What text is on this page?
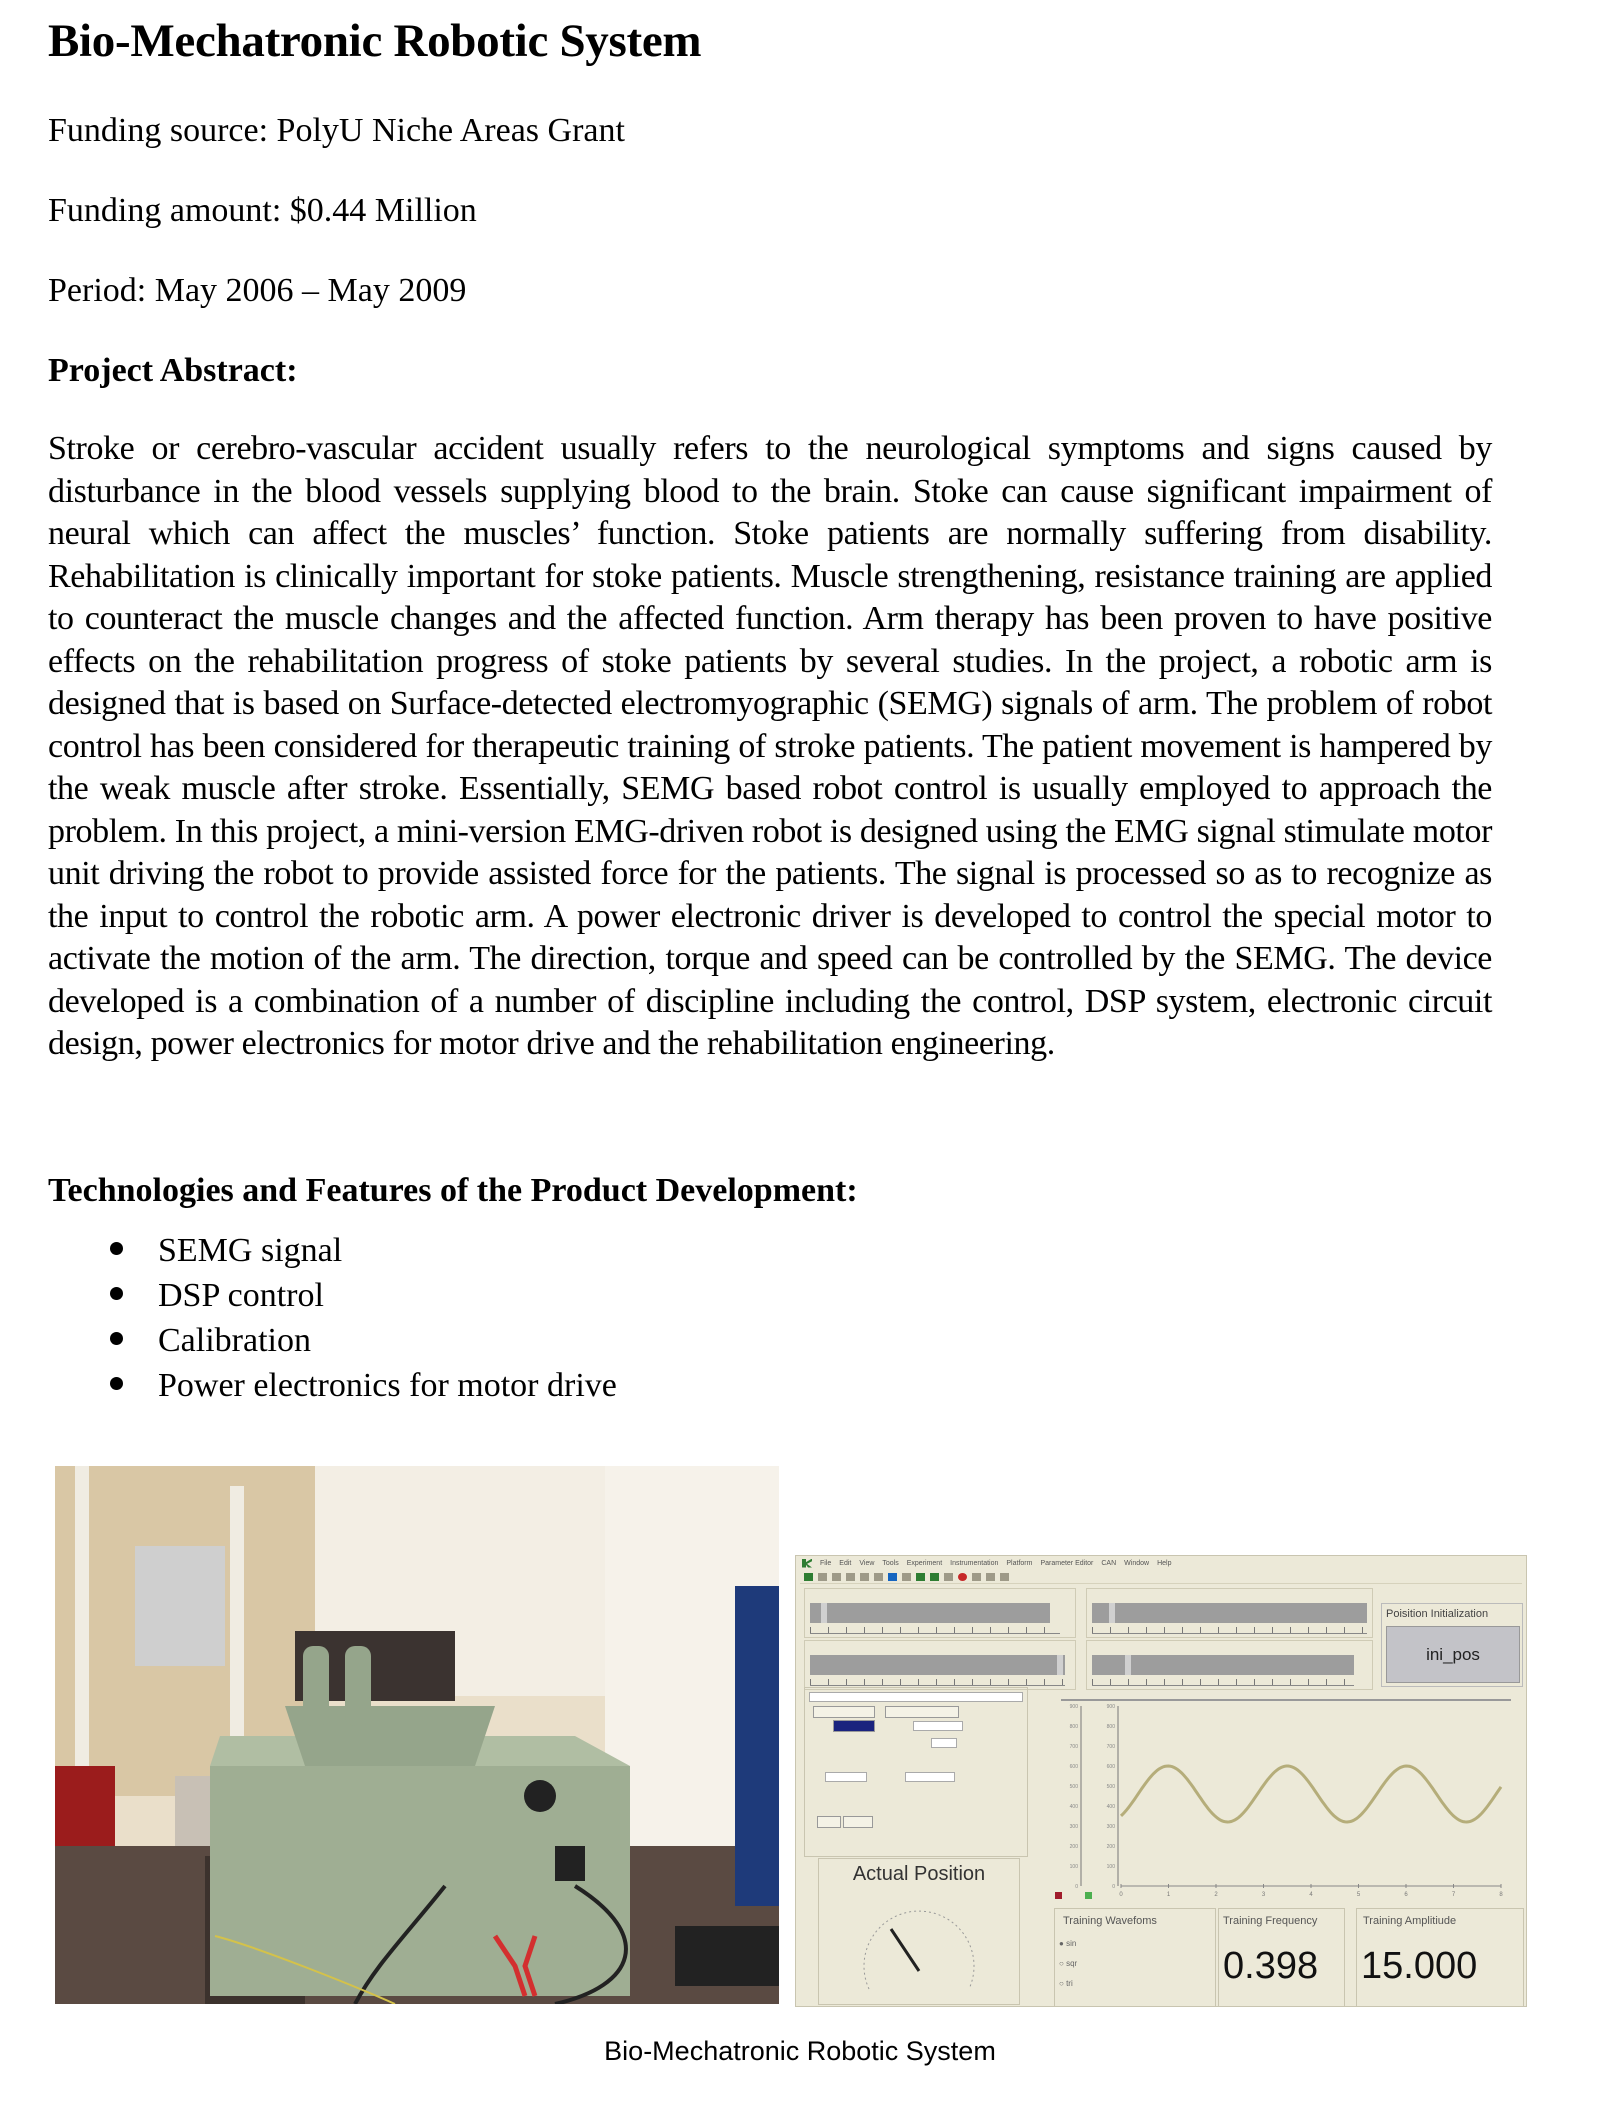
Bio-Mechatronic Robotic System

Funding source: PolyU Niche Areas Grant

Funding amount: $0.44 Million

Period: May 2006 – May 2009

Project Abstract:

Stroke or cerebro-vascular accident usually refers to the neurological symptoms and signs caused by disturbance in the blood vessels supplying blood to the brain. Stoke can cause significant impairment of neural which can affect the muscles’ function. Stoke patients are normally suffering from disability. Rehabilitation is clinically important for stoke patients. Muscle strengthening, resistance training are applied to counteract the muscle changes and the affected function. Arm therapy has been proven to have positive effects on the rehabilitation progress of stoke patients by several studies. In the project, a robotic arm is designed that is based on Surface-detected electromyographic (SEMG) signals of arm. The problem of robot control has been considered for therapeutic training of stroke patients. The patient movement is hampered by the weak muscle after stroke. Essentially, SEMG based robot control is usually employed to approach the problem. In this project, a mini-version EMG-driven robot is designed using the EMG signal stimulate motor unit driving the robot to provide assisted force for the patients. The signal is processed so as to recognize as the input to control the robotic arm. A power electronic driver is developed to control the special motor to activate the motion of the arm. The direction, torque and speed can be controlled by the SEMG. The device developed is a combination of a number of discipline including the control, DSP system, electronic circuit design, power electronics for motor drive and the rehabilitation engineering.

Technologies and Features of the Product Development:

SEMG signal
DSP control
Calibration
Power electronics for motor drive
File Edit View Tools Experiment Instrumentation Platform Parameter Editor CAN Window Help
Poisition Initialization
ini_pos
Actual Position
0
0
100
100
200
200
300
300
400
400
500
500
600
600
700
700
800
800
900
900
0	1	2	3	4	5	6	7	8
Training Wavefoms
● sin
○ sqr
○ tri
Training Frequency
0.398
Training Amplitiude
15.000
Bio-Mechatronic Robotic System
